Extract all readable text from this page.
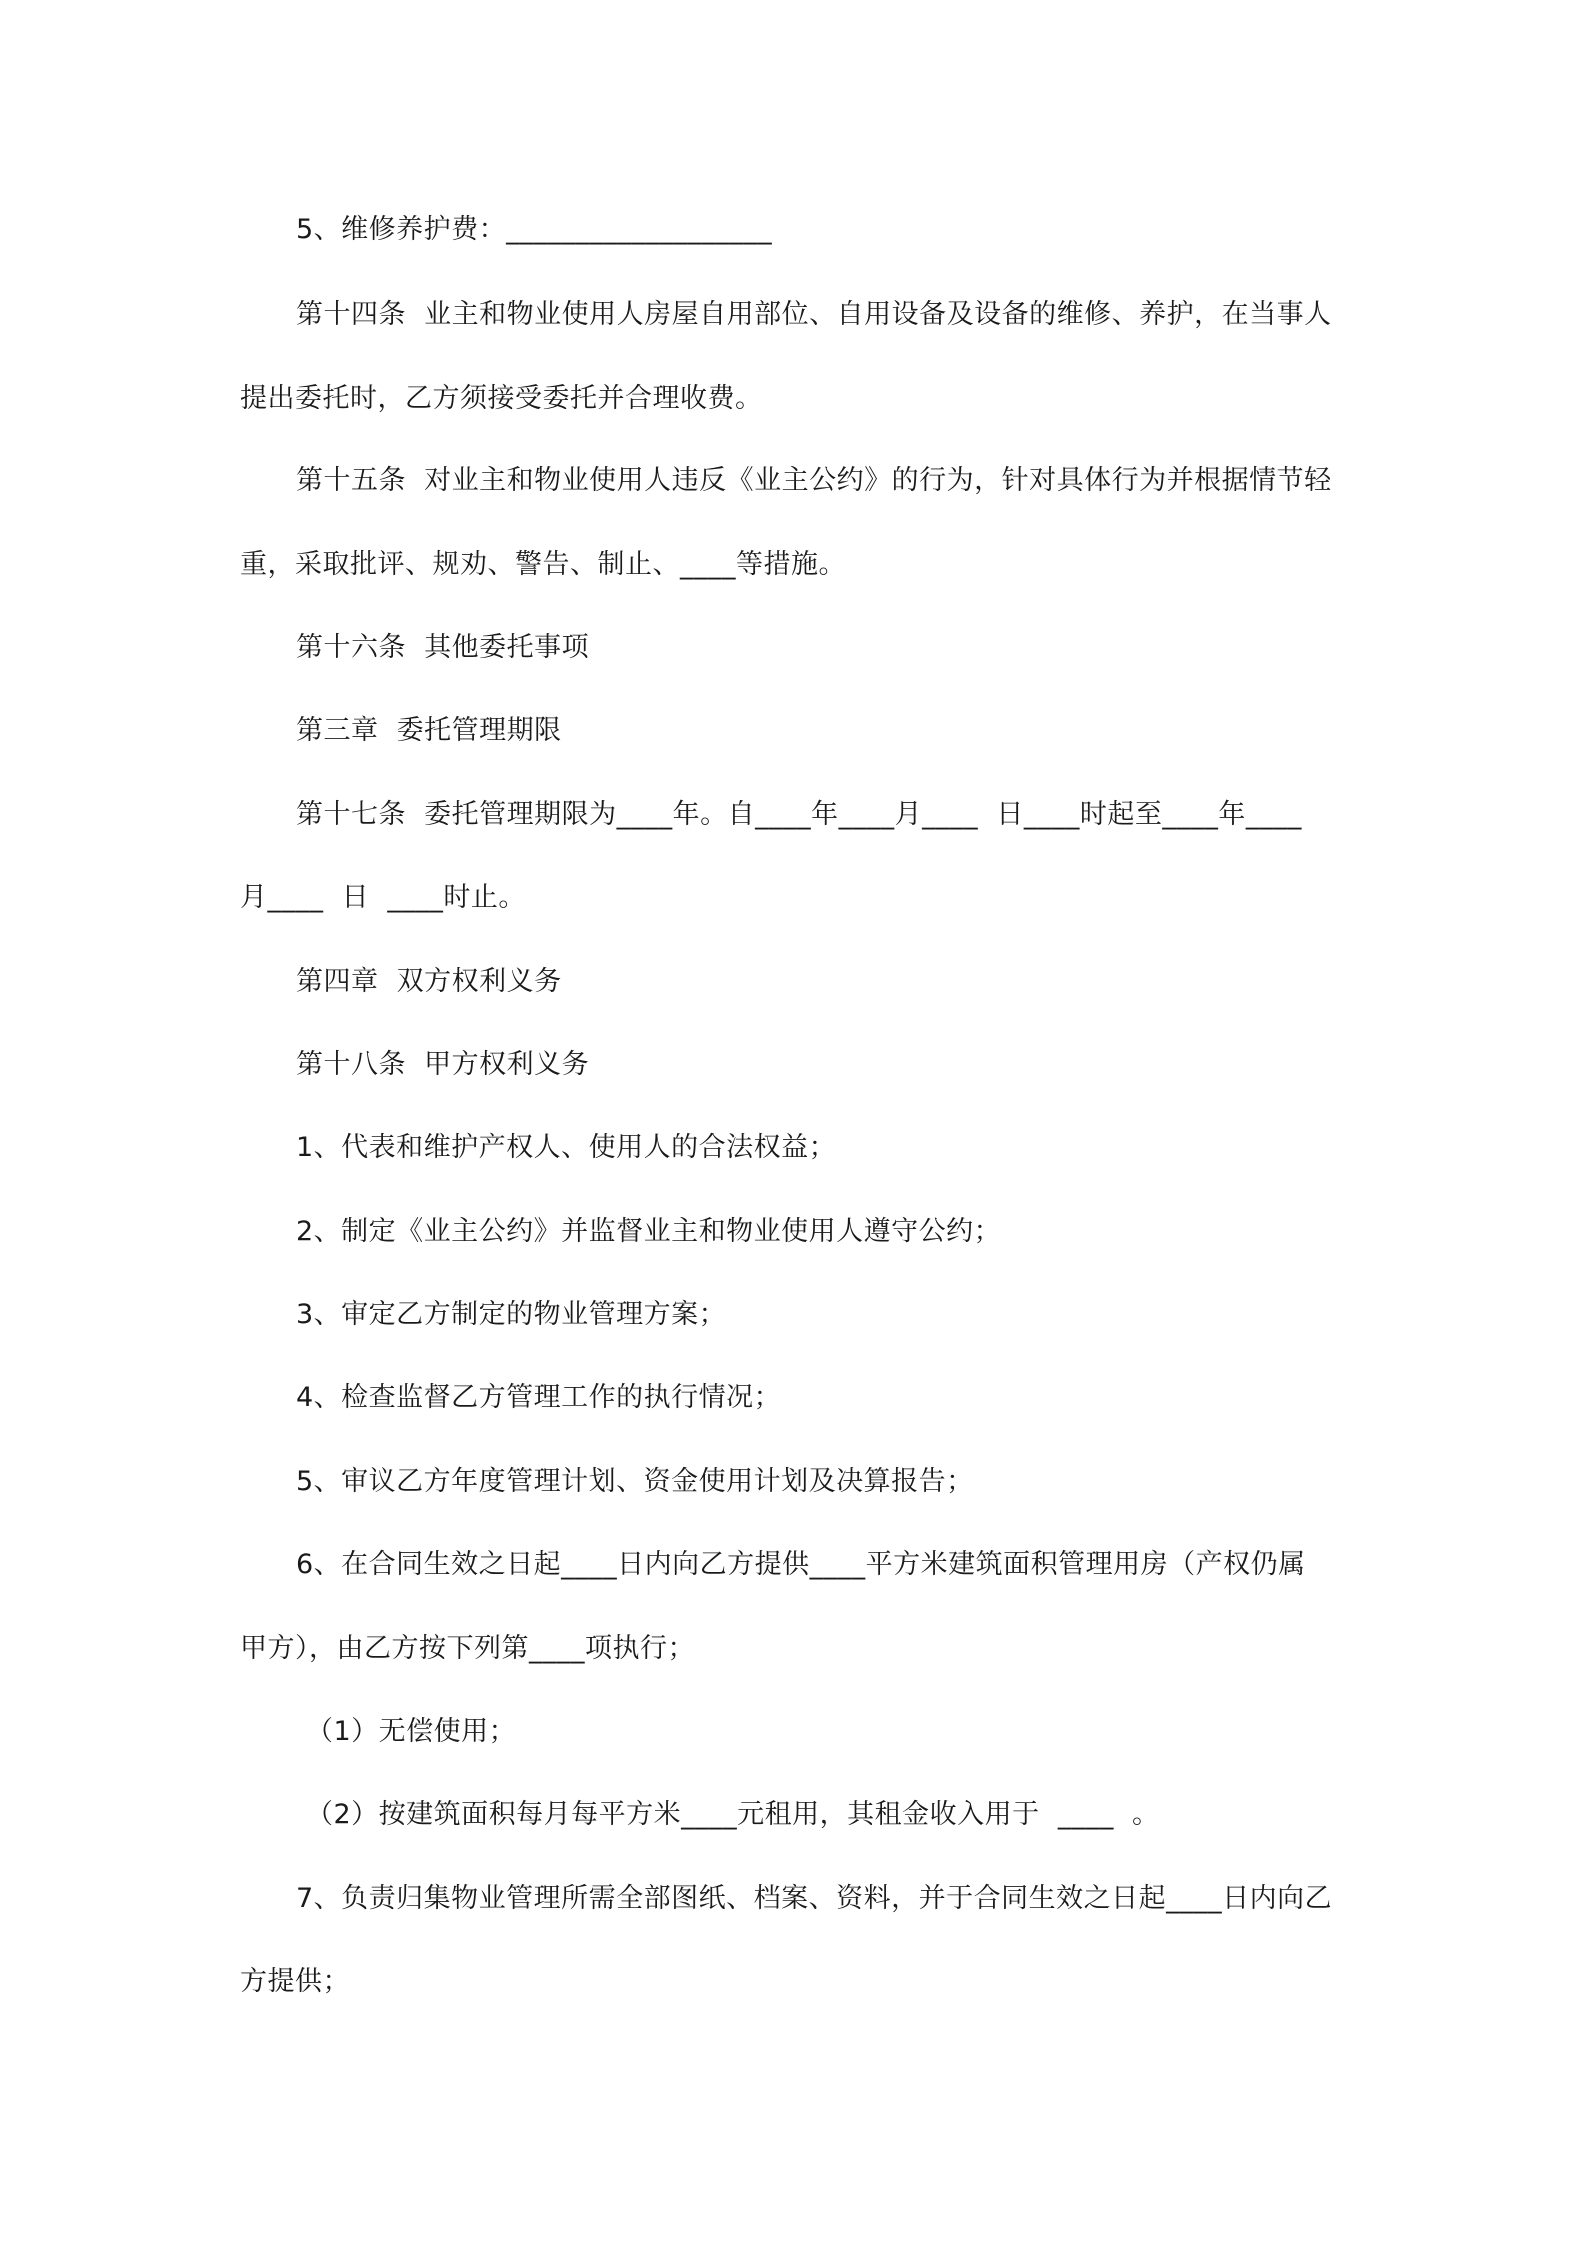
5、维修养护费：___________________
第十四条  业主和物业使用人房屋自用部位、自用设备及设备的维修、养护，在当事人
提出委托时，乙方须接受委托并合理收费。
第十五条  对业主和物业使用人违反《业主公约》的行为，针对具体行为并根据情节轻
重，采取批评、规劝、警告、制止、____等措施。
第十六条  其他委托事项
第三章  委托管理期限
第十七条  委托管理期限为____年。自____年____月____  日____时起至____年____
月____  日  ____时止。
第四章  双方权利义务
第十八条  甲方权利义务
1、代表和维护产权人、使用人的合法权益；
2、制定《业主公约》并监督业主和物业使用人遵守公约；
3、审定乙方制定的物业管理方案；
4、检查监督乙方管理工作的执行情况；
5、审议乙方年度管理计划、资金使用计划及决算报告；
6、在合同生效之日起____日内向乙方提供____平方米建筑面积管理用房（产权仍属
甲方），由乙方按下列第____项执行；
（1）无偿使用；
（2）按建筑面积每月每平方米____元租用，其租金收入用于  ____  。
7、负责归集物业管理所需全部图纸、档案、资料，并于合同生效之日起____日内向乙
方提供；
